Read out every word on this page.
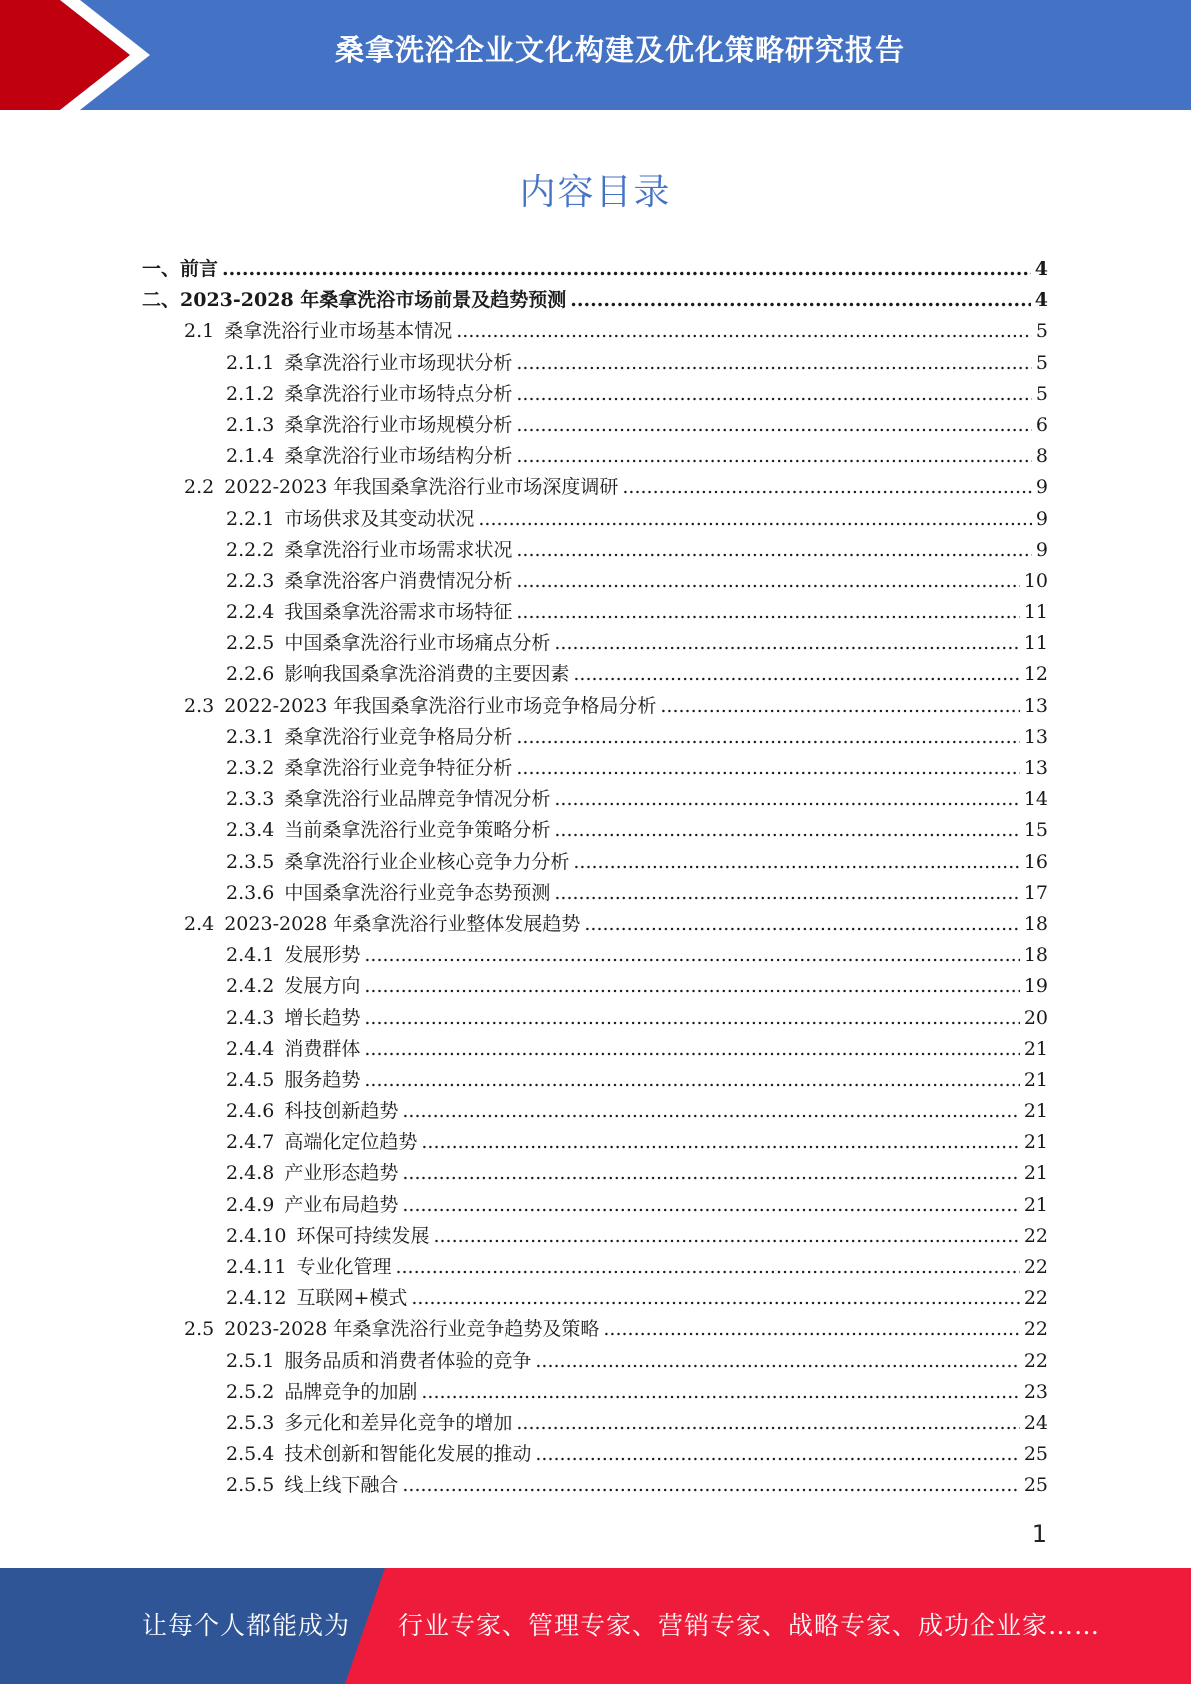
桑拿洗浴企业文化构建及优化策略研究报告
内容目录
一、 前言 .....	4
二、 2023-2028 年桑拿洗浴市场前景及趋势预测 .....	4
2.1 桑拿洗浴行业市场基本情况 .....	5
2.1.1 桑拿洗浴行业市场现状分析 .....	5
2.1.2 桑拿洗浴行业市场特点分析 .....	5
2.1.3 桑拿洗浴行业市场规模分析 .....	6
2.1.4 桑拿洗浴行业市场结构分析 .....	8
2.2 2022-2023 年我国桑拿洗浴行业市场深度调研 .....	9
2.2.1 市场供求及其变动状况 .....	9
2.2.2 桑拿洗浴行业市场需求状况 .....	9
2.2.3 桑拿洗浴客户消费情况分析 .....	10
2.2.4 我国桑拿洗浴需求市场特征 .....	11
2.2.5 中国桑拿洗浴行业市场痛点分析 .....	11
2.2.6 影响我国桑拿洗浴消费的主要因素 .....	12
2.3 2022-2023 年我国桑拿洗浴行业市场竞争格局分析 .....	13
2.3.1 桑拿洗浴行业竞争格局分析 .....	13
2.3.2 桑拿洗浴行业竞争特征分析 .....	13
2.3.3 桑拿洗浴行业品牌竞争情况分析 .....	14
2.3.4 当前桑拿洗浴行业竞争策略分析 .....	15
2.3.5 桑拿洗浴行业企业核心竞争力分析 .....	16
2.3.6 中国桑拿洗浴行业竞争态势预测 .....	17
2.4 2023-2028 年桑拿洗浴行业整体发展趋势 .....	18
2.4.1 发展形势 .....	18
2.4.2 发展方向 .....	19
2.4.3 增长趋势 .....	20
2.4.4 消费群体 .....	21
2.4.5 服务趋势 .....	21
2.4.6 科技创新趋势 .....	21
2.4.7 高端化定位趋势 .....	21
2.4.8 产业形态趋势 .....	21
2.4.9 产业布局趋势 .....	21
2.4.10 环保可持续发展 .....	22
2.4.11 专业化管理 .....	22
2.4.12 互联网+模式 .....	22
2.5 2023-2028 年桑拿洗浴行业竞争趋势及策略 .....	22
2.5.1 服务品质和消费者体验的竞争 .....	22
2.5.2 品牌竞争的加剧 .....	23
2.5.3 多元化和差异化竞争的增加 .....	24
2.5.4 技术创新和智能化发展的推动 .....	25
2.5.5 线上线下融合 .....	25
1
让每个人都能成为 行业专家、管理专家、营销专家、战略专家、成功企业家……
